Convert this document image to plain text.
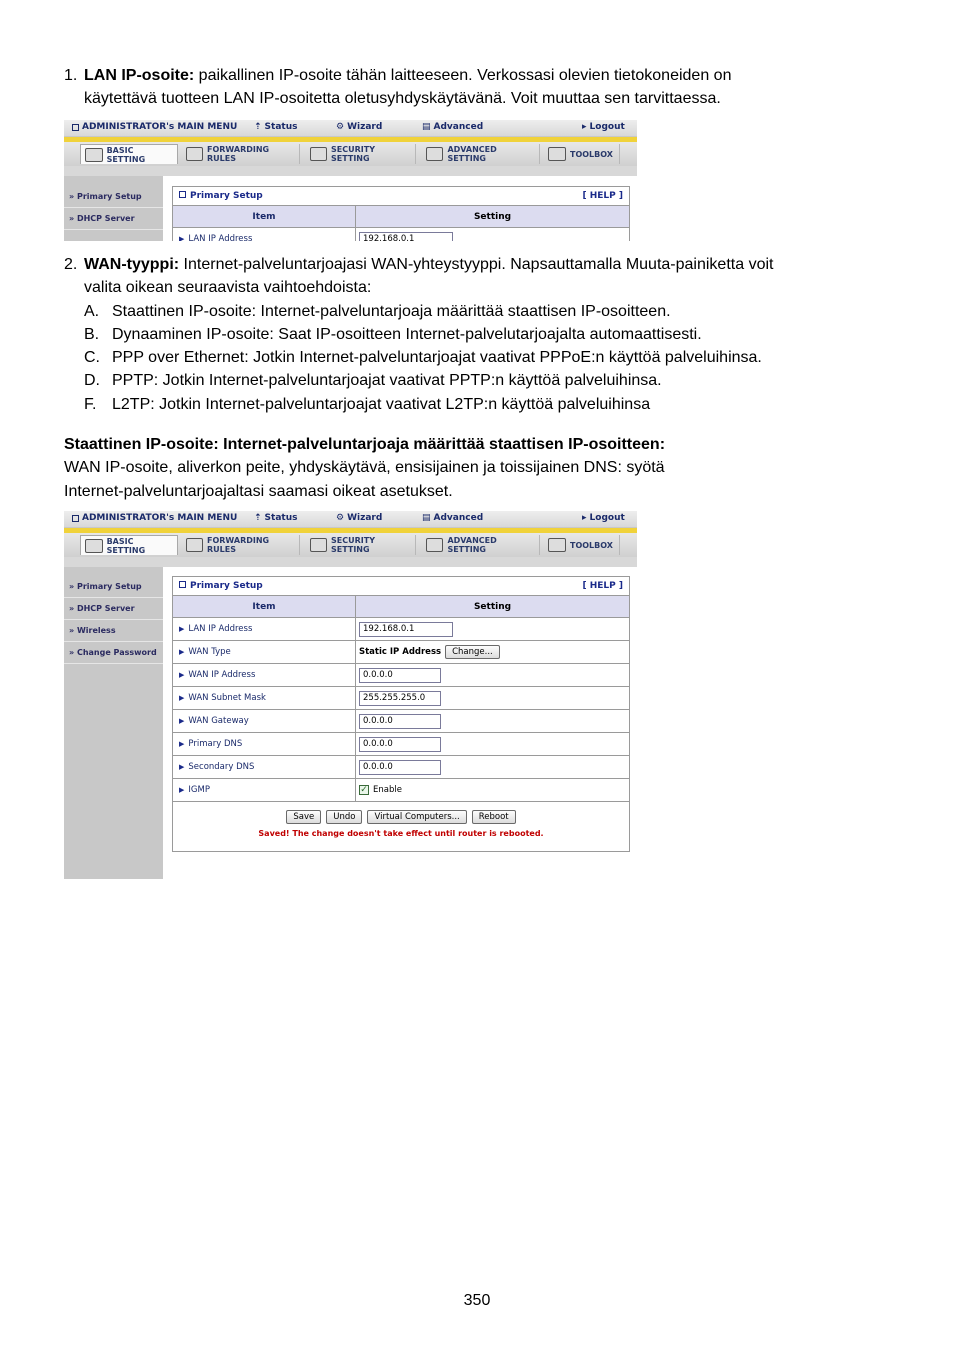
1. LAN IP-osoite: paikallinen IP-osoite tähän laitteeseen. Verkossasi olevien tietokoneiden on
käytettävä tuotteen LAN IP-osoitetta oletusyhdyskäytävänä. Voit muuttaa sen tarvittaessa.
ADMINISTRATOR's MAIN MENU ⇡ Status	⚙ Wizard	▤ Advanced	▸ Logout
BASIC SETTING
FORWARDING RULES
SECURITY SETTING
ADVANCED SETTING	TOOLBOX
» Primary Setup
» DHCP Server
Primary Setup	[ HELP ]
Item	Setting
▶ LAN IP Address	192.168.0.1
2. WAN-tyyppi: Internet-palveluntarjoajasi WAN-yhteystyyppi. Napsauttamalla Muuta-painiketta voit
valita oikean seuraavista vaihtoehdoista:
A. Staattinen IP-osoite: Internet-palveluntarjoaja määrittää staattisen IP-osoitteen.
B. Dynaaminen IP-osoite: Saat IP-osoitteen Internet-palvelutarjoajalta automaattisesti.
C. PPP over Ethernet: Jotkin Internet-palveluntarjoajat vaativat PPPoE:n käyttöä palveluihinsa.
D. PPTP: Jotkin Internet-palveluntarjoajat vaativat PPTP:n käyttöä palveluihinsa.
F. L2TP: Jotkin Internet-palveluntarjoajat vaativat L2TP:n käyttöä palveluihinsa
Staattinen IP-osoite: Internet-palveluntarjoaja määrittää staattisen IP-osoitteen:
WAN IP-osoite, aliverkon peite, yhdyskäytävä, ensisijainen ja toissijainen DNS: syötä
Internet-palveluntarjoajaltasi saamasi oikeat asetukset.
ADMINISTRATOR's MAIN MENU ⇡ Status	⚙ Wizard	▤ Advanced	▸ Logout
BASIC SETTING
FORWARDING RULES
SECURITY SETTING
ADVANCED SETTING	TOOLBOX
» Primary Setup
» DHCP Server
» Wireless
» Change Password
Primary Setup	[ HELP ]
Item	Setting
▶ LAN IP Address	192.168.0.1
▶ WAN Type	Static IP Address	Change...
▶ WAN IP Address	0.0.0.0
▶ WAN Subnet Mask	255.255.255.0
▶ WAN Gateway	0.0.0.0
▶ Primary DNS	0.0.0.0
▶ Secondary DNS	0.0.0.0
▶ IGMP	✓ Enable
Save	Undo	Virtual Computers...	Reboot
Saved! The change doesn't take effect until router is rebooted.
350
